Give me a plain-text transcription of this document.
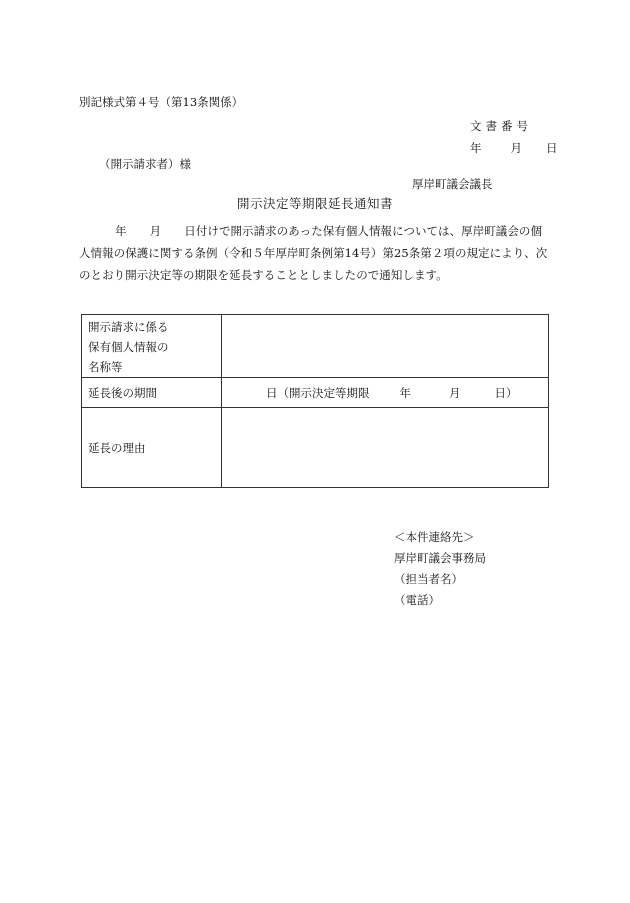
別記様式第４号（第13条関係）
文書番号
年	月 日
（開示請求者）様
厚岸町議会議長
開示決定等期限延長通知書
年　　月　　日付けで開示請求のあった保有個人情報については、厚岸町議会の個人情報の保護に関する条例（令和５年厚岸町条例第14号）第25条第２項の規定により、次のとおり開示決定等の期限を延長することとしましたので通知します。
開示請求に係る
保有個人情報の
名称等	

延長後の期間	日（開示決定等期限 年 月 日）
延長の理由	
＜本件連絡先＞
厚岸町議会事務局
（担当者名）
（電話）
